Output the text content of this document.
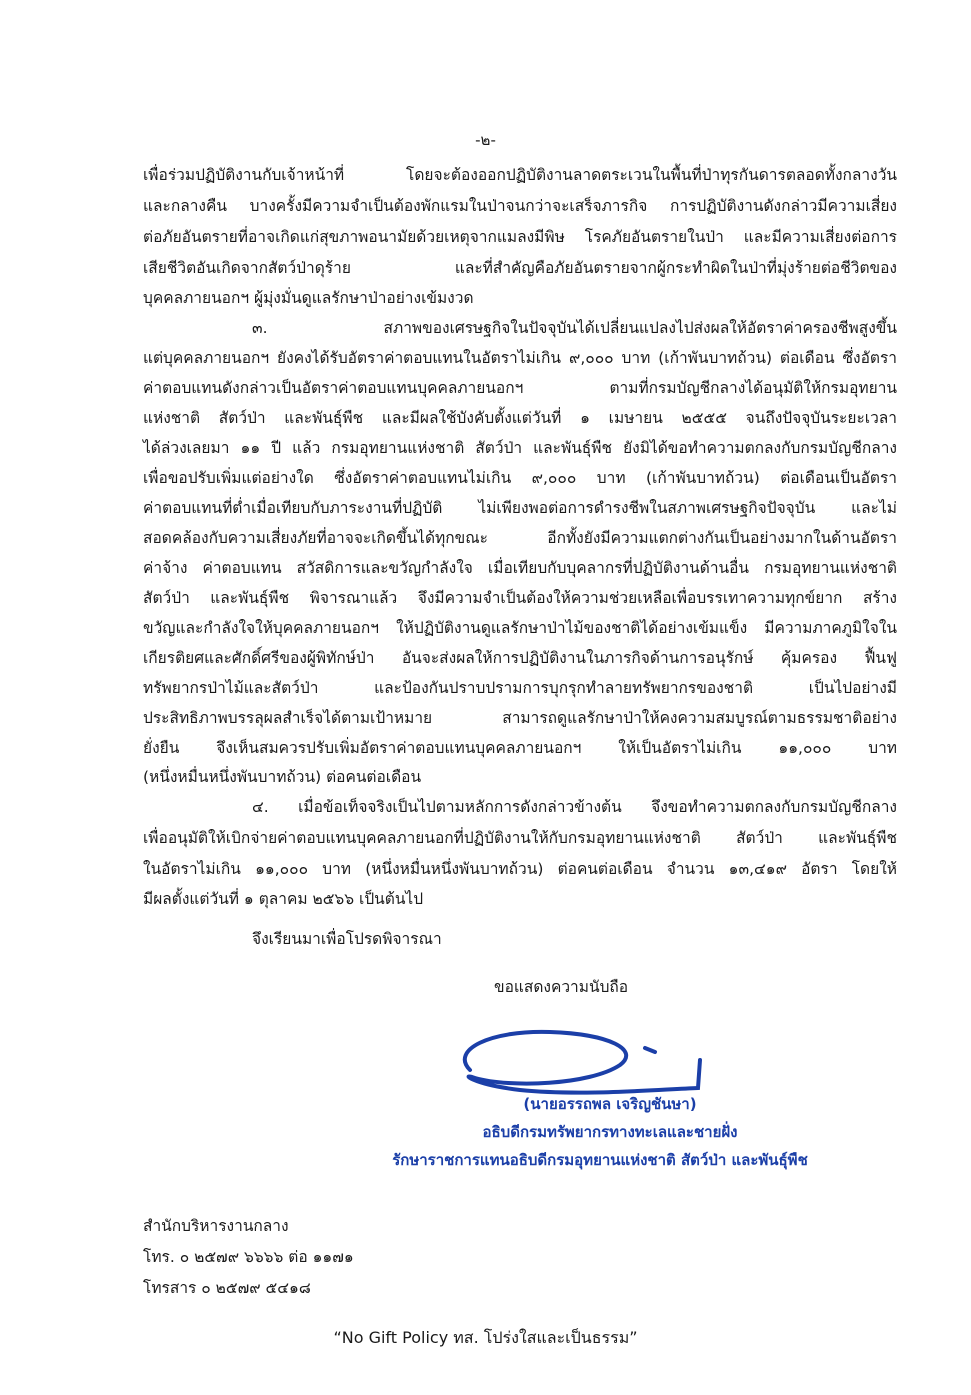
-๒-
เพื่อร่วมปฏิบัติงานกับเจ้าหน้าที่ โดยจะต้องออกปฏิบัติงานลาดตระเวนในพื้นที่ป่าทุรกันดารตลอดทั้งกลางวัน
และกลางคืน บางครั้งมีความจำเป็นต้องพักแรมในป่าจนกว่าจะเสร็จภารกิจ การปฏิบัติงานดังกล่าวมีความเสี่ยง
ต่อภัยอันตรายที่อาจเกิดแก่สุขภาพอนามัยด้วยเหตุจากแมลงมีพิษ โรคภัยอันตรายในป่า และมีความเสี่ยงต่อการ
เสียชีวิตอันเกิดจากสัตว์ป่าดุร้าย และที่สำคัญคือภัยอันตรายจากผู้กระทำผิดในป่าที่มุ่งร้ายต่อชีวิตของ
บุคคลภายนอกฯ ผู้มุ่งมั่นดูแลรักษาป่าอย่างเข้มงวด
๓. สภาพของเศรษฐกิจในปัจจุบันได้เปลี่ยนแปลงไปส่งผลให้อัตราค่าครองชีพสูงขึ้น
แต่บุคคลภายนอกฯ ยังคงได้รับอัตราค่าตอบแทนในอัตราไม่เกิน ๙,๐๐๐ บาท (เก้าพันบาทถ้วน) ต่อเดือน ซึ่งอัตรา
ค่าตอบแทนดังกล่าวเป็นอัตราค่าตอบแทนบุคคลภายนอกฯ ตามที่กรมบัญชีกลางได้อนุมัติให้กรมอุทยาน
แห่งชาติ สัตว์ป่า และพันธุ์พืช และมีผลใช้บังคับตั้งแต่วันที่ ๑ เมษายน ๒๕๕๕ จนถึงปัจจุบันระยะเวลา
ได้ล่วงเลยมา ๑๑ ปี แล้ว กรมอุทยานแห่งชาติ สัตว์ป่า และพันธุ์พืช ยังมิได้ขอทำความตกลงกับกรมบัญชีกลาง
เพื่อขอปรับเพิ่มแต่อย่างใด ซึ่งอัตราค่าตอบแทนไม่เกิน ๙,๐๐๐ บาท (เก้าพันบาทถ้วน) ต่อเดือนเป็นอัตรา
ค่าตอบแทนที่ต่ำเมื่อเทียบกับภาระงานที่ปฏิบัติ ไม่เพียงพอต่อการดำรงชีพในสภาพเศรษฐกิจปัจจุบัน และไม่
สอดคล้องกับความเสี่ยงภัยที่อาจจะเกิดขึ้นได้ทุกขณะ อีกทั้งยังมีความแตกต่างกันเป็นอย่างมากในด้านอัตรา
ค่าจ้าง ค่าตอบแทน สวัสดิการและขวัญกำลังใจ เมื่อเทียบกับบุคลากรที่ปฏิบัติงานด้านอื่น กรมอุทยานแห่งชาติ
สัตว์ป่า และพันธุ์พืช พิจารณาแล้ว จึงมีความจำเป็นต้องให้ความช่วยเหลือเพื่อบรรเทาความทุกข์ยาก สร้าง
ขวัญและกำลังใจให้บุคคลภายนอกฯ ให้ปฏิบัติงานดูแลรักษาป่าไม้ของชาติได้อย่างเข้มแข็ง มีความภาคภูมิใจใน
เกียรติยศและศักดิ์ศรีของผู้พิทักษ์ป่า อันจะส่งผลให้การปฏิบัติงานในภารกิจด้านการอนุรักษ์ คุ้มครอง ฟื้นฟู
ทรัพยากรป่าไม้และสัตว์ป่า และป้องกันปราบปรามการบุกรุกทำลายทรัพยากรของชาติ เป็นไปอย่างมี
ประสิทธิภาพบรรลุผลสำเร็จได้ตามเป้าหมาย สามารถดูแลรักษาป่าให้คงความสมบูรณ์ตามธรรมชาติอย่าง
ยั่งยืน จึงเห็นสมควรปรับเพิ่มอัตราค่าตอบแทนบุคคลภายนอกฯ ให้เป็นอัตราไม่เกิน ๑๑,๐๐๐ บาท
(หนึ่งหมื่นหนึ่งพันบาทถ้วน) ต่อคนต่อเดือน
๔. เมื่อข้อเท็จจริงเป็นไปตามหลักการดังกล่าวข้างต้น จึงขอทำความตกลงกับกรมบัญชีกลาง
เพื่ออนุมัติให้เบิกจ่ายค่าตอบแทนบุคคลภายนอกที่ปฏิบัติงานให้กับกรมอุทยานแห่งชาติ สัตว์ป่า และพันธุ์พืช
ในอัตราไม่เกิน ๑๑,๐๐๐ บาท (หนึ่งหมื่นหนึ่งพันบาทถ้วน) ต่อคนต่อเดือน จำนวน ๑๓,๔๑๙ อัตรา โดยให้
มีผลตั้งแต่วันที่ ๑ ตุลาคม ๒๕๖๖ เป็นต้นไป
จึงเรียนมาเพื่อโปรดพิจารณา
ขอแสดงความนับถือ
(นายอรรถพล เจริญชันษา)
อธิบดีกรมทรัพยากรทางทะเลและชายฝั่ง
รักษาราชการแทนอธิบดีกรมอุทยานแห่งชาติ สัตว์ป่า และพันธุ์พืช
สำนักบริหารงานกลาง
โทร. ๐ ๒๕๗๙ ๖๖๖๖ ต่อ ๑๑๗๑
โทรสาร ๐ ๒๕๗๙ ๕๔๑๘
“No Gift Policy ทส. โปร่งใสและเป็นธรรม”
